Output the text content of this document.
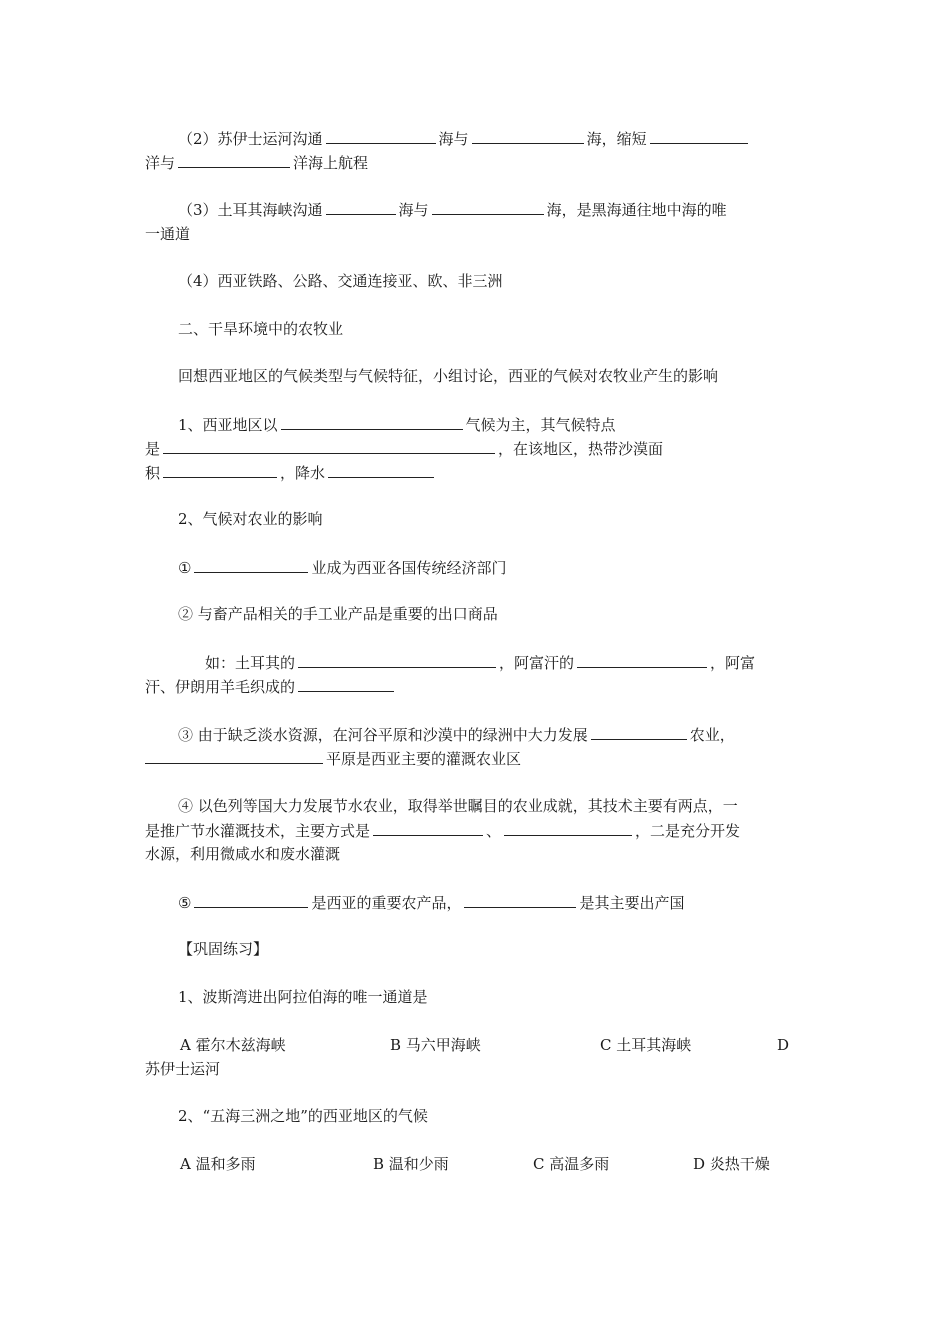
（2）苏伊士运河沟通	海与	海，缩短
洋与	洋海上航程
（3）土耳其海峡沟通	海与	海，是黑海通往地中海的唯
一通道
（4）西亚铁路、公路、交通连接亚、欧、非三洲
二、干旱环境中的农牧业
回想西亚地区的气候类型与气候特征，小组讨论，西亚的气候对农牧业产生的影响
1、西亚地区以	气候为主，其气候特点
是	，在该地区，热带沙漠面
积	，降水
2、气候对农业的影响
①	业成为西亚各国传统经济部门
② 与畜产品相关的手工业产品是重要的出口商品
如：土耳其的	，阿富汗的	，阿富
汗、伊朗用羊毛织成的
③ 由于缺乏淡水资源，在河谷平原和沙漠中的绿洲中大力发展	农业，
平原是西亚主要的灌溉农业区
④ 以色列等国大力发展节水农业，取得举世瞩目的农业成就，其技术主要有两点，一
是推广节水灌溉技术，主要方式是	、	，二是充分开发
水源，利用微咸水和废水灌溉
⑤	是西亚的重要农产品，	是其主要出产国
【巩固练习】
1、波斯湾进出阿拉伯海的唯一通道是
A 霍尔木兹海峡	B 马六甲海峡	C 土耳其海峡	D
苏伊士运河
2、“五海三洲之地”的西亚地区的气候
A 温和多雨	B 温和少雨	C 高温多雨	D 炎热干燥
